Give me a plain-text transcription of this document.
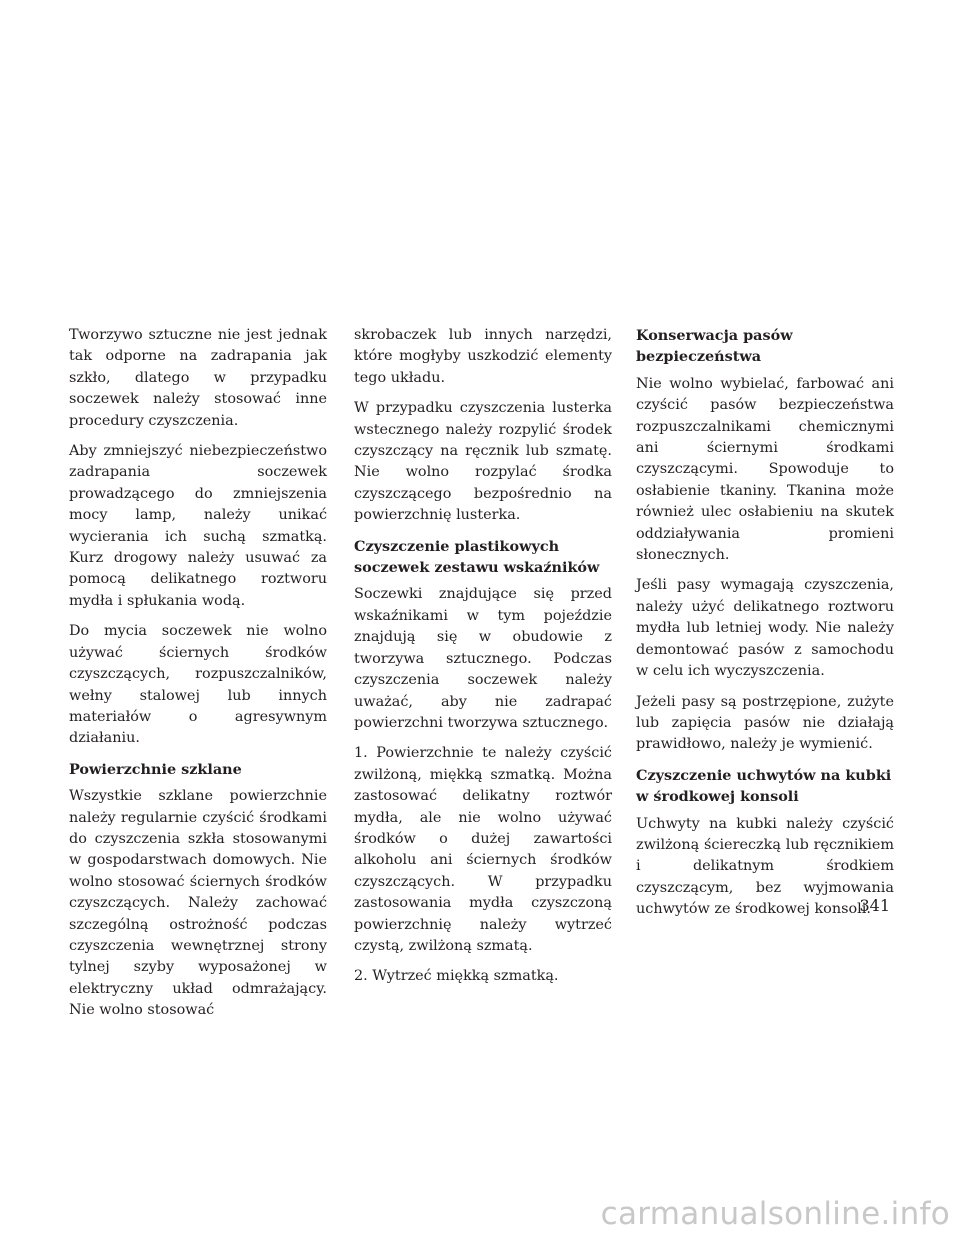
Tworzywo sztuczne nie jest jednak tak odporne na zadrapania jak szkło, dlatego w przypadku soczewek należy stosować inne procedury czyszczenia.

Aby zmniejszyć niebezpieczeństwo zadrapania soczewek prowadzącego do zmniejszenia mocy lamp, należy unikać wycierania ich suchą szmatką. Kurz drogowy należy usuwać za pomocą delikatnego roztworu mydła i spłukania wodą.

Do mycia soczewek nie wolno używać ściernych środków czyszczących, rozpuszczalników, wełny stalowej lub innych materiałów o agresywnym działaniu.

Powierzchnie szklane

Wszystkie szklane powierzchnie należy regularnie czyścić środkami do czyszczenia szkła stosowanymi w gospodarstwach domowych. Nie wolno stosować ściernych środków czyszczących. Należy zachować szczególną ostrożność podczas czyszczenia wewnętrznej strony tylnej szyby wyposażonej w elektryczny układ odmrażający. Nie wolno stosować

skrobaczek lub innych narzędzi, które mogłyby uszkodzić elementy tego układu.

W przypadku czyszczenia lusterka wstecznego należy rozpylić środek czyszczący na ręcznik lub szmatę. Nie wolno rozpylać środka czyszczącego bezpośrednio na powierzchnię lusterka.

Czyszczenie plastikowych soczewek zestawu wskaźników

Soczewki znajdujące się przed wskaźnikami w tym pojeździe znajdują się w obudowie z tworzywa sztucznego. Podczas czyszczenia soczewek należy uważać, aby nie zadrapać powierzchni tworzywa sztucznego.

1. Powierzchnie te należy czyścić zwilżoną, miękką szmatką. Można zastosować delikatny roztwór mydła, ale nie wolno używać środków o dużej zawartości alkoholu ani ściernych środków czyszczących. W przypadku zastosowania mydła czyszczoną powierzchnię należy wytrzeć czystą, zwilżoną szmatą.

2. Wytrzeć miękką szmatką.

Konserwacja pasów bezpieczeństwa

Nie wolno wybielać, farbować ani czyścić pasów bezpieczeństwa rozpuszczalnikami chemicznymi ani ściernymi środkami czyszczącymi. Spowoduje to osłabienie tkaniny. Tkanina może również ulec osłabieniu na skutek oddziaływania promieni słonecznych.

Jeśli pasy wymagają czyszczenia, należy użyć delikatnego roztworu mydła lub letniej wody. Nie należy demontować pasów z samochodu w celu ich wyczyszczenia.

Jeżeli pasy są postrzępione, zużyte lub zapięcia pasów nie działają prawidłowo, należy je wymienić.

Czyszczenie uchwytów na kubki w środkowej konsoli

Uchwyty na kubki należy czyścić zwilżoną ściereczką lub ręcznikiem i delikatnym środkiem czyszczącym, bez wyjmowania uchwytów ze środkowej konsoli.

341
carmanualsonline.info
